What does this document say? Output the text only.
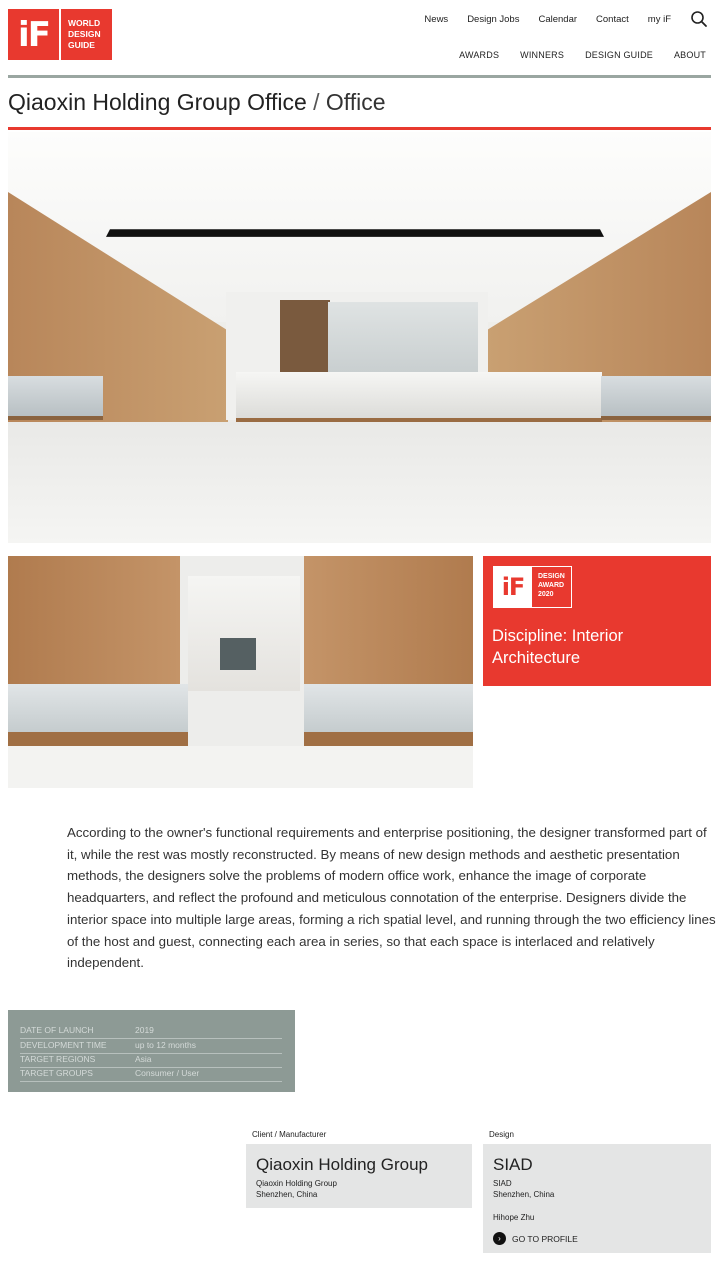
iF	WORLD
DESIGN
GUIDE
News Design Jobs Calendar Contact my iF
AWARDS WINNERS DESIGN GUIDE ABOUT
Qiaoxin Holding Group Office / Office
iF	DESIGN
AWARD
2020
Discipline: Interior Architecture

According to the owner's functional requirements and enterprise positioning, the designer transformed part of it, while the rest was mostly reconstructed. By means of new design methods and aesthetic presentation methods, the designers solve the problems of modern office work, enhance the image of corporate headquarters, and reflect the profound and meticulous connotation of the enterprise. Designers divide the interior space into multiple large areas, forming a rich spatial level, and running through the two efficiency lines of the host and guest, connecting each area in series, so that each space is interlaced and relatively independent.

DATE OF LAUNCH	2019
DEVELOPMENT TIME	up to 12 months
TARGET REGIONS	Asia
TARGET GROUPS	Consumer / User
Client / Manufacturer
Qiaoxin Holding Group
Qiaoxin Holding Group
Shenzhen, China
Design
SIAD
SIAD
Shenzhen, China
Hihope Zhu
›	GO TO PROFILE
